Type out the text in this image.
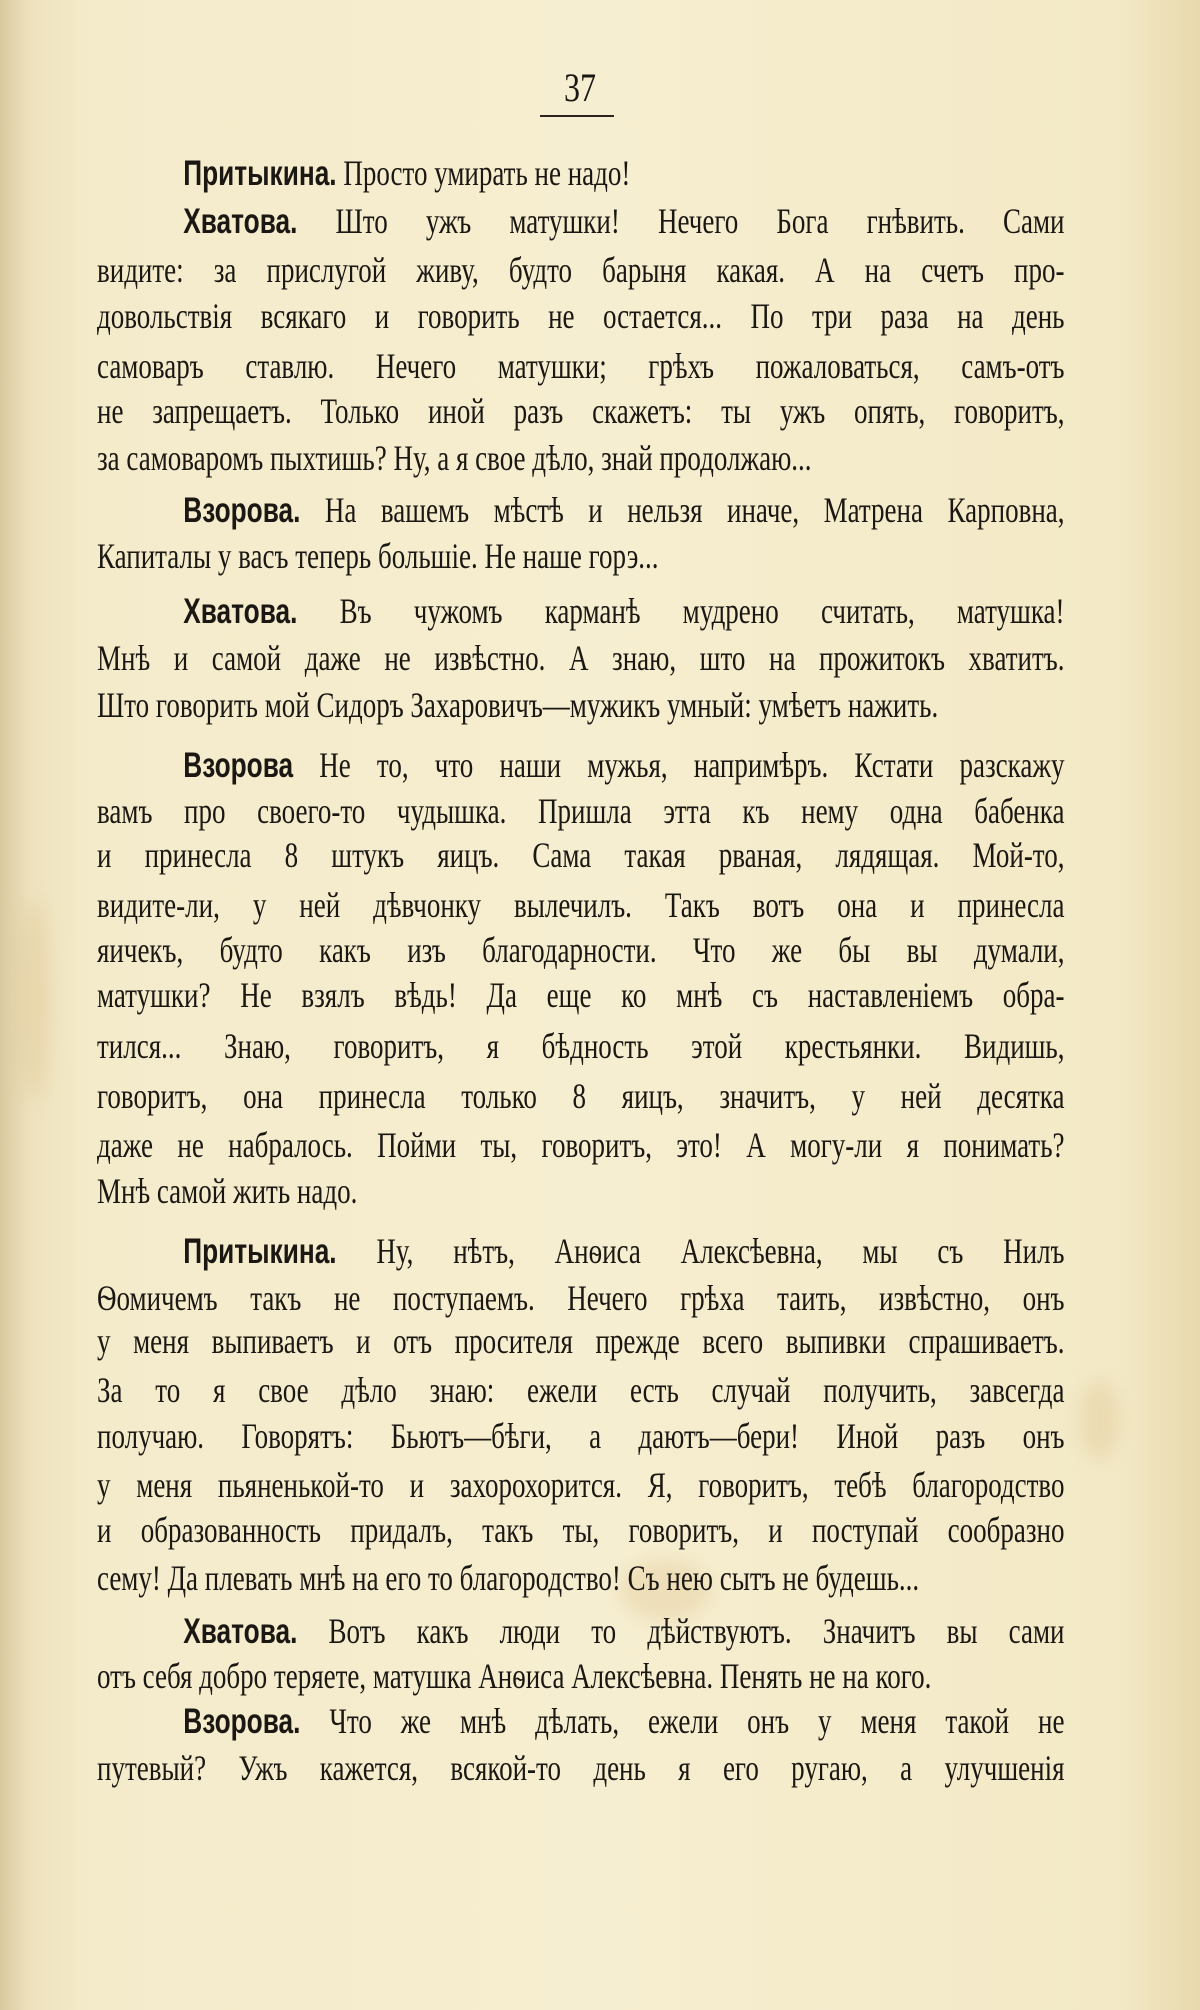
37
Притыкина. Просто умирать не надо!
Хватова. Што ужъ матушки! Нечего Бога гнѣвить. Сами
видите: за прислугой живу, будто барыня какая. А на счетъ про-
довольствія всякаго и говорить не остается... По три раза на день
самоваръ ставлю. Нечего матушки; грѣхъ пожаловаться, самъ-отъ
не запрещаетъ. Только иной разъ скажетъ: ты ужъ опять, говоритъ,
за самоваромъ пыхтишь? Ну, а я свое дѣло, знай продолжаю...
Взорова. На вашемъ мѣстѣ и нельзя иначе, Матрена Карповна,
Капиталы у васъ теперь большіе. Не наше горэ...
Хватова. Въ чужомъ карманѣ мудрено считать, матушка!
Мнѣ и самой даже не извѣстно. А знаю, што на прожитокъ хватитъ.
Што говорить мой Сидоръ Захаровичъ—мужикъ умный: умѣетъ нажить.
Взорова Не то, что наши мужья, напримѣръ. Кстати разскажу
вамъ про своего-то чудышка. Пришла этта къ нему одна бабенка
и принесла 8 штукъ яицъ. Сама такая рваная, лядящая. Мой-то,
видите-ли, у ней дѣвчонку вылечилъ. Такъ вотъ она и принесла
яичекъ, будто какъ изъ благодарности. Что же бы вы думали,
матушки? Не взялъ вѣдь! Да еще ко мнѣ съ наставленіемъ обра-
тился... Знаю, говоритъ, я бѣдность этой крестьянки. Видишь,
говоритъ, она принесла только 8 яицъ, значитъ, у ней десятка
даже не набралось. Пойми ты, говоритъ, это! А могу-ли я понимать?
Мнѣ самой жить надо.
Притыкина. Ну, нѣтъ, Анѳиса Алексѣевна, мы съ Нилъ
Ѳомичемъ такъ не поступаемъ. Нечего грѣха таить, извѣстно, онъ
у меня выпиваетъ и отъ просителя прежде всего выпивки спрашиваетъ.
За то я свое дѣло знаю: ежели есть случай получить, завсегда
получаю. Говорятъ: Бьютъ—бѣги, а даютъ—бери! Иной разъ онъ
у меня пьяненькой-то и захорохорится. Я, говоритъ, тебѣ благородство
и образованность придалъ, такъ ты, говоритъ, и поступай сообразно
сему! Да плевать мнѣ на его то благородство! Съ нею сытъ не будешь...
Хватова. Вотъ какъ люди то дѣйствуютъ. Значитъ вы сами
отъ себя добро теряете, матушка Анѳиса Алексѣевна. Пенять не на кого.
Взорова. Что же мнѣ дѣлать, ежели онъ у меня такой не
путевый? Ужъ кажется, всякой-то день я его ругаю, а улучшенія
